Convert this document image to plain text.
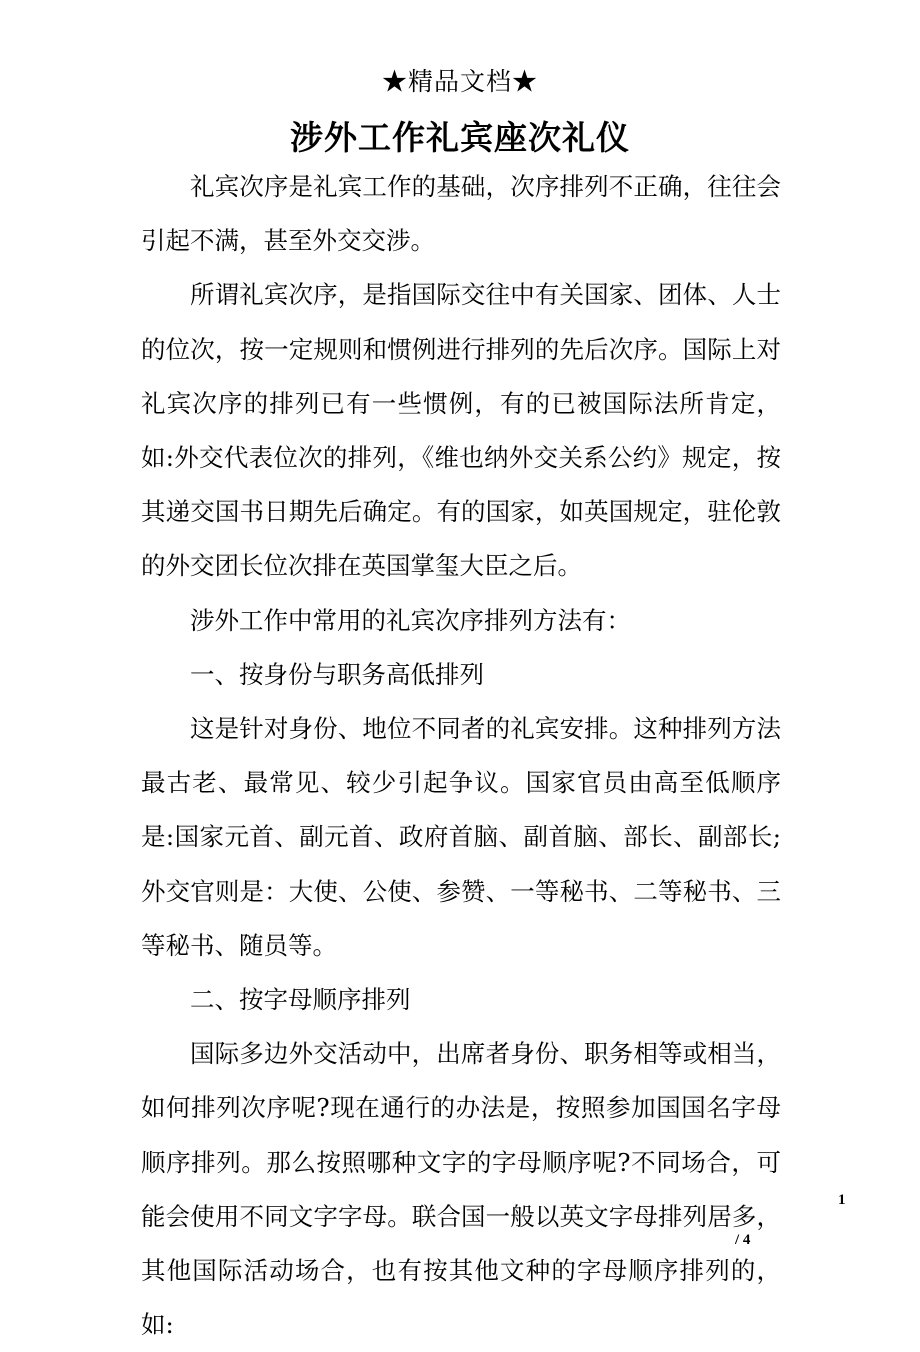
★精品文档★
涉外工作礼宾座次礼仪

礼宾次序是礼宾工作的基础，次序排列不正确，往往会引起不满，甚至外交交涉。

所谓礼宾次序，是指国际交往中有关国家、团体、人士的位次，按一定规则和惯例进行排列的先后次序。国际上对礼宾次序的排列已有一些惯例，有的已被国际法所肯定，如:外交代表位次的排列，《维也纳外交关系公约》规定，按其递交国书日期先后确定。有的国家，如英国规定，驻伦敦的外交团长位次排在英国掌玺大臣之后。

涉外工作中常用的礼宾次序排列方法有：

一、按身份与职务高低排列

这是针对身份、地位不同者的礼宾安排。这种排列方法最古老、最常见、较少引起争议。国家官员由高至低顺序是:国家元首、副元首、政府首脑、副首脑、部长、副部长;外交官则是：大使、公使、参赞、一等秘书、二等秘书、三等秘书、随员等。

二、按字母顺序排列

国际多边外交活动中，出席者身份、职务相等或相当，如何排列次序呢?现在通行的办法是，按照参加国国名字母顺序排列。那么按照哪种文字的字母顺序呢?不同场合，可能会使用不同文字字母。联合国一般以英文字母排列居多，其他国际活动场合，也有按其他文种的字母顺序排列的，如:

1
/ 4
